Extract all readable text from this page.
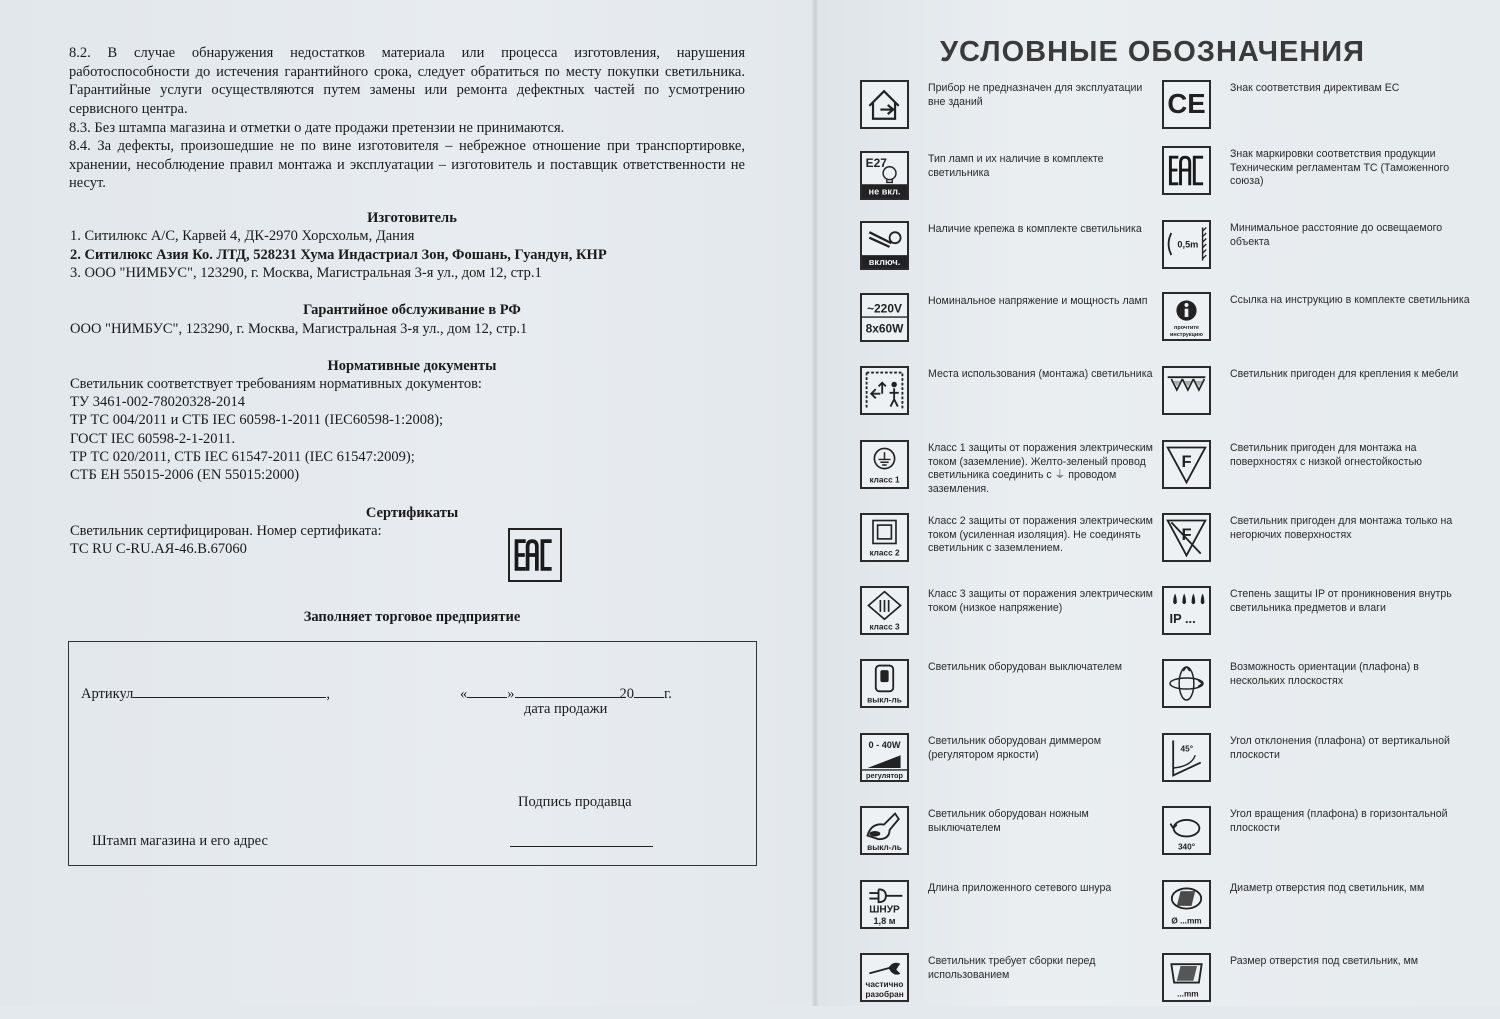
8.2. В случае обнаружения недостатков материала или процесса изготовления, нарушения работоспособности до истечения гарантийного срока, следует обратиться по месту покупки светильника. Гарантийные услуги осуществляются путем замены или ремонта дефектных частей по усмотрению сервисного центра.

8.3. Без штампа магазина и отметки о дате продажи претензии не принимаются.

8.4. За дефекты, произошедшие не по вине изготовителя – небрежное отношение при транспортировке, хранении, несоблюдение правил монтажа и эксплуатации – изготовитель и поставщик ответственности не несут.

Изготовитель

1. Ситилюкс А/С, Карвей 4, ДК-2970 Хорсхольм, Дания

2. Ситилюкс Азия Ко. ЛТД, 528231 Хума Индастриал Зон, Фошань, Гуандун, КНР

3. ООО "НИМБУС", 123290, г. Москва, Магистральная 3-я ул., дом 12, стр.1

Гарантийное обслуживание в РФ

ООО "НИМБУС", 123290, г. Москва, Магистральная 3-я ул., дом 12, стр.1

Нормативные документы

Светильник соответствует требованиям нормативных документов:

ТУ 3461-002-78020328-2014

ТР ТС 004/2011 и СТБ IEC 60598-1-2011 (IEC60598-1:2008);

ГОСТ IEC 60598-2-1-2011.

ТР ТС 020/2011, СТБ IEC 61547-2011 (IEC 61547:2009);

СТБ ЕН 55015-2006 (EN 55015:2000)

Сертификаты

Светильник сертифицирован. Номер сертификата:

ТС RU C-RU.АЯ-46.В.67060

Заполняет торговое предприятие

Артикул	,	«	»	20 г.
дата продажи
Подпись продавца
Штамп магазина и его адрес
УСЛОВНЫЕ ОБОЗНАЧЕНИЯ

Прибор не предназначен для эксплуатации вне зданий

E27
не вкл.

Тип ламп и их наличие в комплекте светильника

включ.

Наличие крепежа в комплекте светильника

~220V
8x60W

Номинальное напряжение и мощность ламп

Места использования (монтажа) светильника

класс 1

Класс 1 защиты от поражения электрическим током (заземление). Желто-зеленый провод светильника соединить с ⏚ проводом заземления.

класс 2

Класс 2 защиты от поражения электрическим током (усиленная изоляция). Не соединять светильник с заземлением.

класс 3

Класс 3 защиты от поражения электрическим током (низкое напряжение)

выкл-ль

Светильник оборудован выключателем

0 - 40W
регулятор

Светильник оборудован диммером (регулятором яркости)

выкл-ль

Светильник оборудован ножным выключателем

ШНУР
1,8 м

Длина приложенного сетевого шнура

частично
разобран

Светильник требует сборки перед использованием

CE

Знак соответствия директивам ЕС

EAC

Знак маркировки соответствия продукции Техническим регламентам ТС (Таможенного союза)

0,5m

Минимальное расстояние до освещаемого объекта

прочтите
инструкцию

Ссылка на инструкцию в комплекте светильника

Светильник пригоден для крепления к мебели

F

Светильник пригоден для монтажа на поверхностях с низкой огнестойкостью

F

Светильник пригоден для монтажа только на негорючих поверхностях

IP ...

Степень защиты IP от проникновения внутрь светильника предметов и влаги

Возможность ориентации (плафона) в нескольких плоскостях

45°

Угол отклонения (плафона) от вертикальной плоскости

340°

Угол вращения (плафона) в горизонтальной плоскости

Ø ...mm

Диаметр отверстия под светильник, мм

...mm

Размер отверстия под светильник, мм
